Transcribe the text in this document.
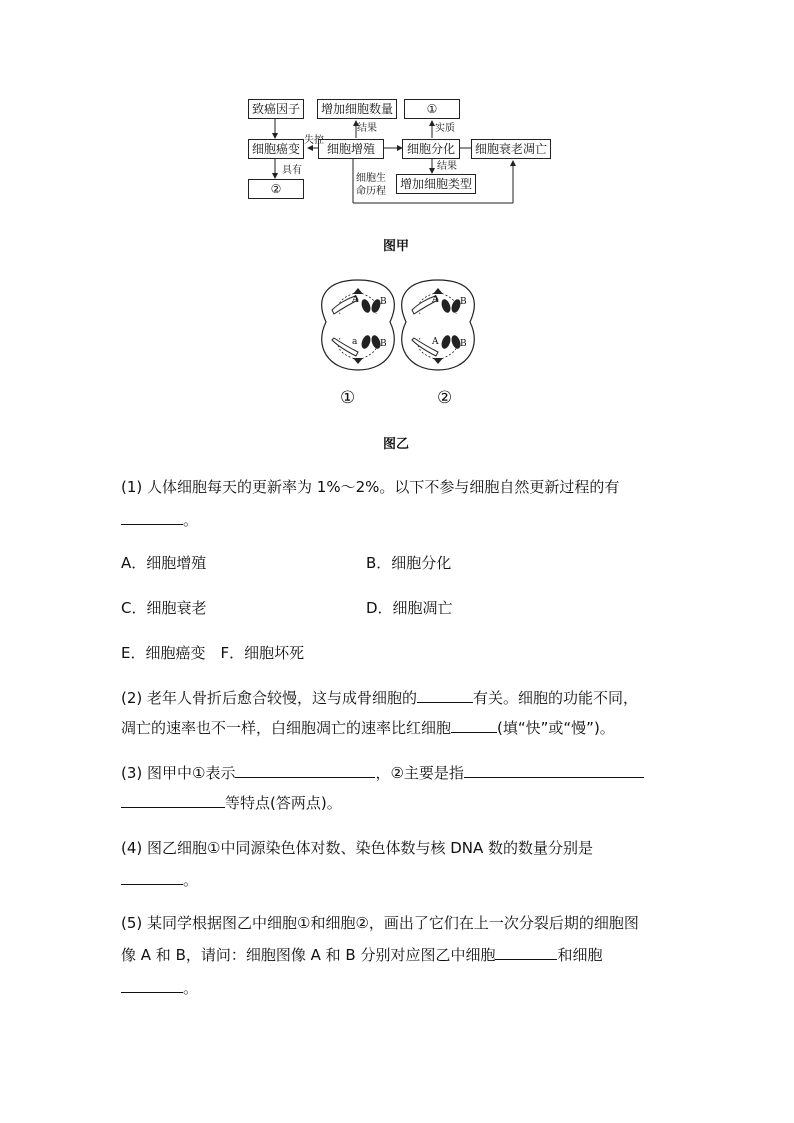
致癌因子	增加细胞数量	①
细胞癌变	细胞增殖	细胞分化	细胞衰老凋亡
②	增加细胞类型
失控
结果	实质
结果
具有
细胞生
命历程
图甲
A B
a	B
A B
A B
①	②
图乙
(1) 人体细胞每天的更新率为 1%～2%。以下不参与细胞自然更新过程的有
。
A．细胞增殖	B．细胞分化
C．细胞衰老	D．细胞凋亡
E．细胞癌变　F．细胞坏死
(2) 老年人骨折后愈合较慢，这与成骨细胞的	有关。细胞的功能不同，
凋亡的速率也不一样，白细胞凋亡的速率比红细胞	(填“快”或“慢”)。
(3) 图甲中①表示	，②主要是指
等特点(答两点)。
(4) 图乙细胞①中同源染色体对数、染色体数与核 DNA 数的数量分别是
。
(5) 某同学根据图乙中细胞①和细胞②，画出了它们在上一次分裂后期的细胞图
像 A 和 B，请问：细胞图像 A 和 B 分别对应图乙中细胞	和细胞
。
